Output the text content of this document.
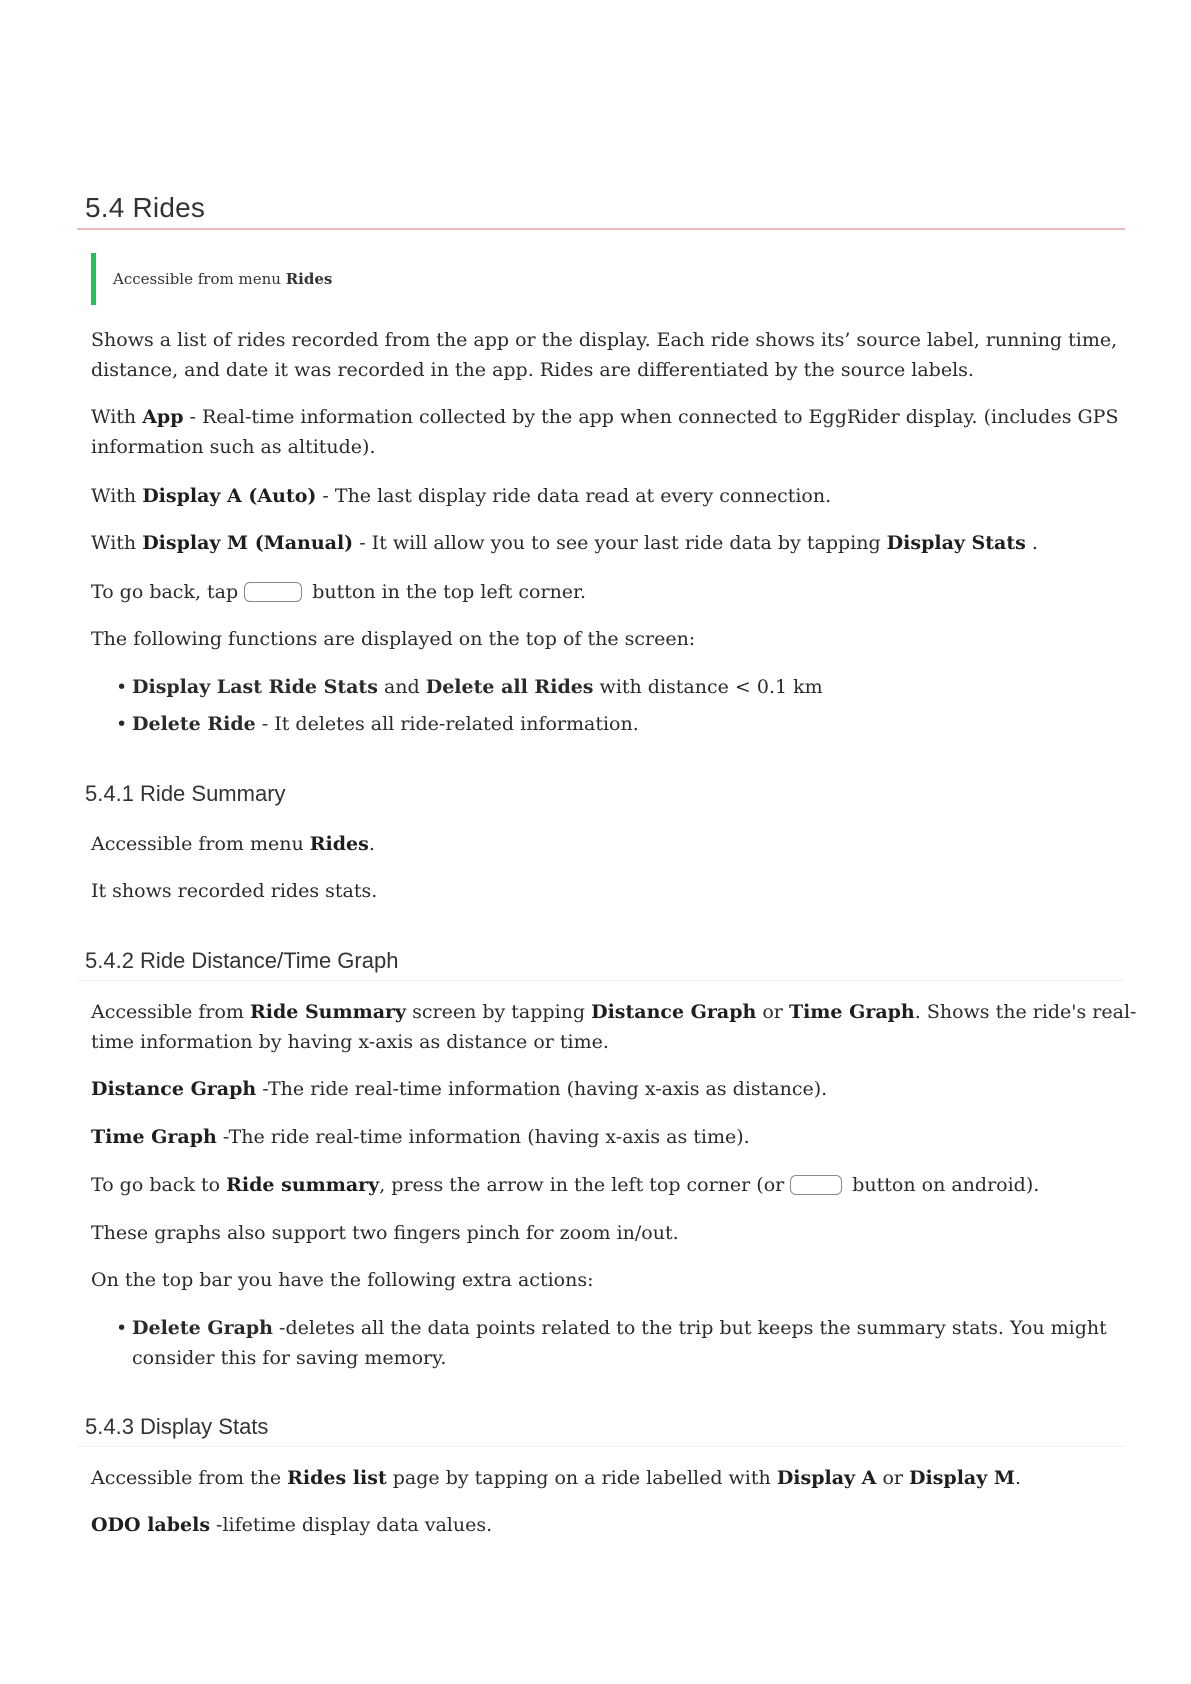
5.4 Rides
Accessible from menu Rides

Shows a list of rides recorded from the app or the display. Each ride shows its’ source label, running time,
distance, and date it was recorded in the app. Rides are differentiated by the source labels.

With App - Real-time information collected by the app when connected to EggRider display. (includes GPS
information such as altitude).

With Display A (Auto) - The last display ride data read at every connection.

With Display M (Manual) - It will allow you to see your last ride data by tapping Display Stats .

To go back, tap	button in the top left corner.

The following functions are displayed on the top of the screen:

• Display Last Ride Stats and Delete all Rides with distance < 0.1 km
• Delete Ride - It deletes all ride-related information.
5.4.1 Ride Summary

Accessible from menu Rides.

It shows recorded rides stats.

5.4.2 Ride Distance/Time Graph

Accessible from Ride Summary screen by tapping Distance Graph or Time Graph. Shows the ride's real-
time information by having x-axis as distance or time.

Distance Graph -The ride real-time information (having x-axis as distance).

Time Graph -The ride real-time information (having x-axis as time).

To go back to Ride summary, press the arrow in the left top corner (or	button on android).

These graphs also support two fingers pinch for zoom in/out.

On the top bar you have the following extra actions:

• Delete Graph -deletes all the data points related to the trip but keeps the summary stats. You might
consider this for saving memory.
5.4.3 Display Stats

Accessible from the Rides list page by tapping on a ride labelled with Display A or Display M.

ODO labels -lifetime display data values.
